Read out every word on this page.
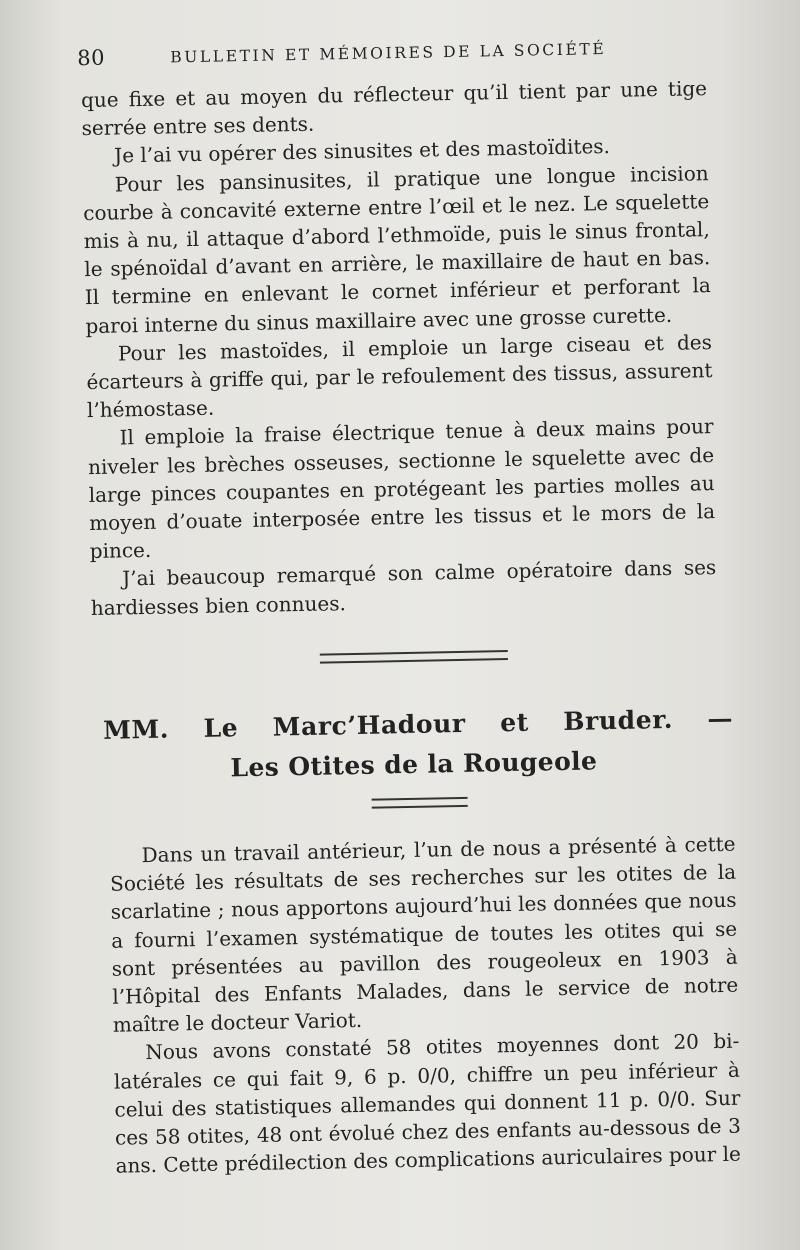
80	BULLETIN ET MÉMOIRES DE LA SOCIÉTÉ

que fixe et au moyen du réflecteur qu’il tient par une tige serrée entre ses dents.

Je l’ai vu opérer des sinusites et des mastoïdites.

Pour les pansinusites, il pratique une longue incision courbe à concavité externe entre l’œil et le nez. Le squelette mis à nu, il attaque d’abord l’ethmoïde, puis le sinus frontal, le spénoïdal d’avant en arrière, le maxillaire de haut en bas. Il termine en enlevant le cornet inférieur et perforant la paroi interne du sinus maxillaire avec une grosse curette.

Pour les mastoïdes, il emploie un large ciseau et des écarteurs à griffe qui, par le refoulement des tissus, assurent l’hémostase.

Il emploie la fraise électrique tenue à deux mains pour niveler les brèches osseuses, sectionne le squelette avec de large pinces coupantes en protégeant les parties molles au moyen d’ouate interposée entre les tissus et le mors de la pince.

J’ai beaucoup remarqué son calme opératoire dans ses hardiesses bien connues.

MM. Le Marc’Hadour et Bruder. —
Les Otites de la Rougeole

Dans un travail antérieur, l’un de nous a présenté à cette Société les résultats de ses recherches sur les otites de la scarlatine ; nous apportons aujourd’hui les données que nous a fourni l’examen systématique de toutes les otites qui se sont présentées au pavillon des rougeoleux en 1903 à l’Hôpital des Enfants Malades, dans le service de notre maître le docteur Variot.

Nous avons constaté 58 otites moyennes dont 20 bi-latérales ce qui fait 9, 6 p. 0/0, chiffre un peu inférieur à celui des statistiques allemandes qui donnent 11 p. 0/0. Sur ces 58 otites, 48 ont évolué chez des enfants au-dessous de 3 ans. Cette prédilection des complications auriculaires pour le
